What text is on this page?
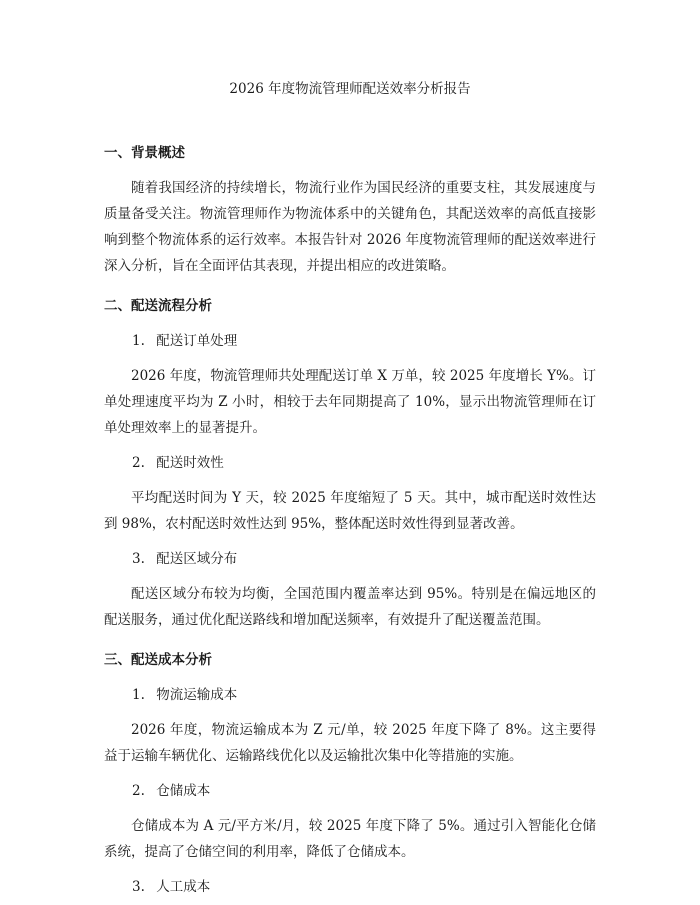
2026 年度物流管理师配送效率分析报告
一、背景概述

随着我国经济的持续增长，物流行业作为国民经济的重要支柱，其发展速度与质量备受关注。物流管理师作为物流体系中的关键角色，其配送效率的高低直接影响到整个物流体系的运行效率。本报告针对 2026 年度物流管理师的配送效率进行深入分析，旨在全面评估其表现，并提出相应的改进策略。

二、配送流程分析
1. 配送订单处理

2026 年度，物流管理师共处理配送订单 X 万单，较 2025 年度增长 Y%。订单处理速度平均为 Z 小时，相较于去年同期提高了 10%，显示出物流管理师在订单处理效率上的显著提升。

2. 配送时效性

平均配送时间为 Y 天，较 2025 年度缩短了 5 天。其中，城市配送时效性达到 98%，农村配送时效性达到 95%，整体配送时效性得到显著改善。

3. 配送区域分布

配送区域分布较为均衡，全国范围内覆盖率达到 95%。特别是在偏远地区的配送服务，通过优化配送路线和增加配送频率，有效提升了配送覆盖范围。

三、配送成本分析
1. 物流运输成本

2026 年度，物流运输成本为 Z 元/单，较 2025 年度下降了 8%。这主要得益于运输车辆优化、运输路线优化以及运输批次集中化等措施的实施。

2. 仓储成本

仓储成本为 A 元/平方米/月，较 2025 年度下降了 5%。通过引入智能化仓储系统，提高了仓储空间的利用率，降低了仓储成本。

3. 人工成本
